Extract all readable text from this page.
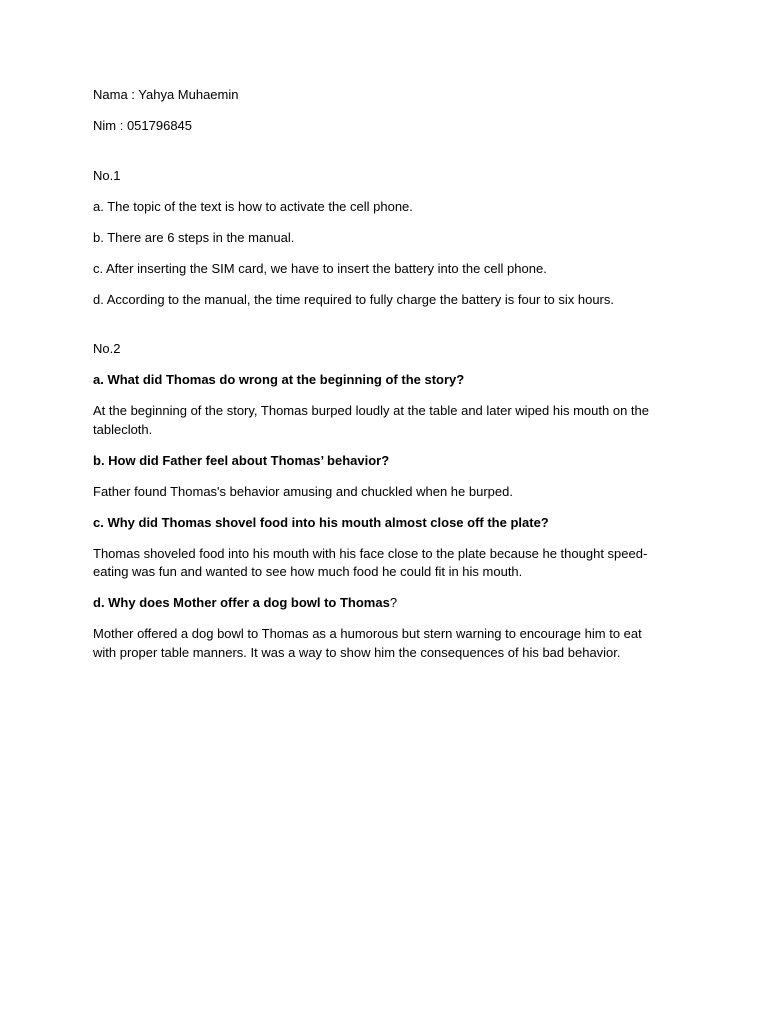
Nama : Yahya Muhaemin

Nim : 051796845

No.1

a. The topic of the text is how to activate the cell phone.

b. There are 6 steps in the manual.

c. After inserting the SIM card, we have to insert the battery into the cell phone.

d. According to the manual, the time required to fully charge the battery is four to six hours.

No.2

a. What did Thomas do wrong at the beginning of the story?

At the beginning of the story, Thomas burped loudly at the table and later wiped his mouth on the tablecloth.

b. How did Father feel about Thomas’ behavior?

Father found Thomas's behavior amusing and chuckled when he burped.

c. Why did Thomas shovel food into his mouth almost close off the plate?

Thomas shoveled food into his mouth with his face close to the plate because he thought speed-eating was fun and wanted to see how much food he could fit in his mouth.

d. Why does Mother offer a dog bowl to Thomas?

Mother offered a dog bowl to Thomas as a humorous but stern warning to encourage him to eat with proper table manners. It was a way to show him the consequences of his bad behavior.
